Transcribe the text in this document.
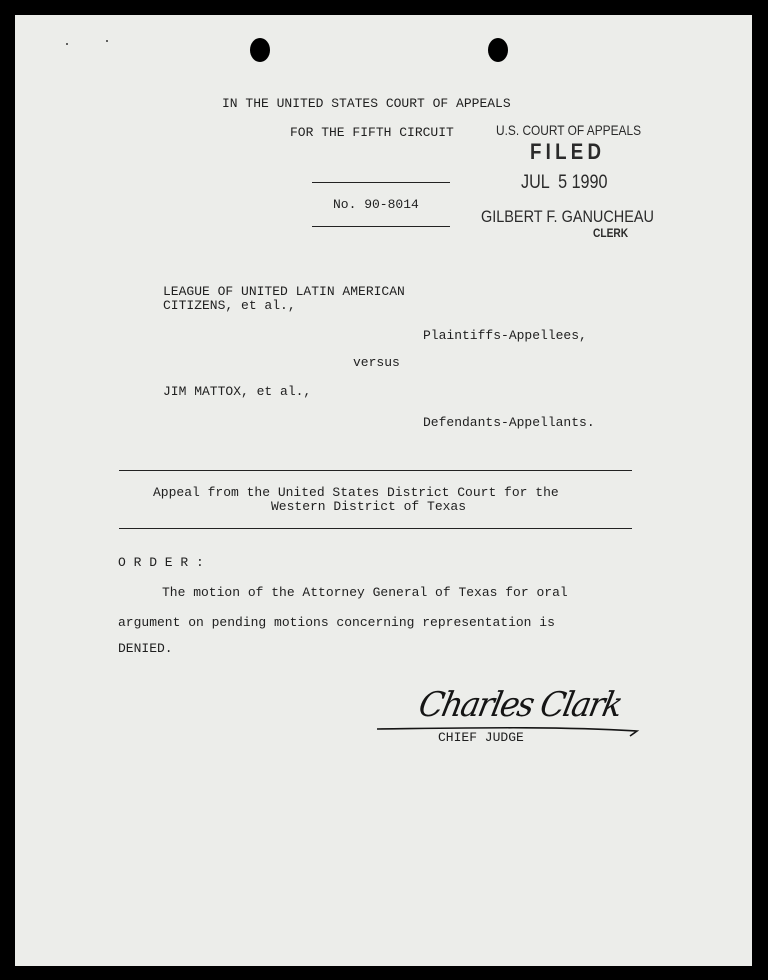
IN THE UNITED STATES COURT OF APPEALS
FOR THE FIFTH CIRCUIT
No. 90-8014
U.S. COURT OF APPEALS
FILED
JUL  5 1990
GILBERT F. GANUCHEAU
CLERK
LEAGUE OF UNITED LATIN AMERICAN
CITIZENS, et al.,
Plaintiffs-Appellees,
versus
JIM MATTOX, et al.,
Defendants-Appellants.
Appeal from the United States District Court for the
Western District of Texas
O R D E R :
The motion of the Attorney General of Texas for oral
argument on pending motions concerning representation is
DENIED.
Charles Clark
CHIEF JUDGE
